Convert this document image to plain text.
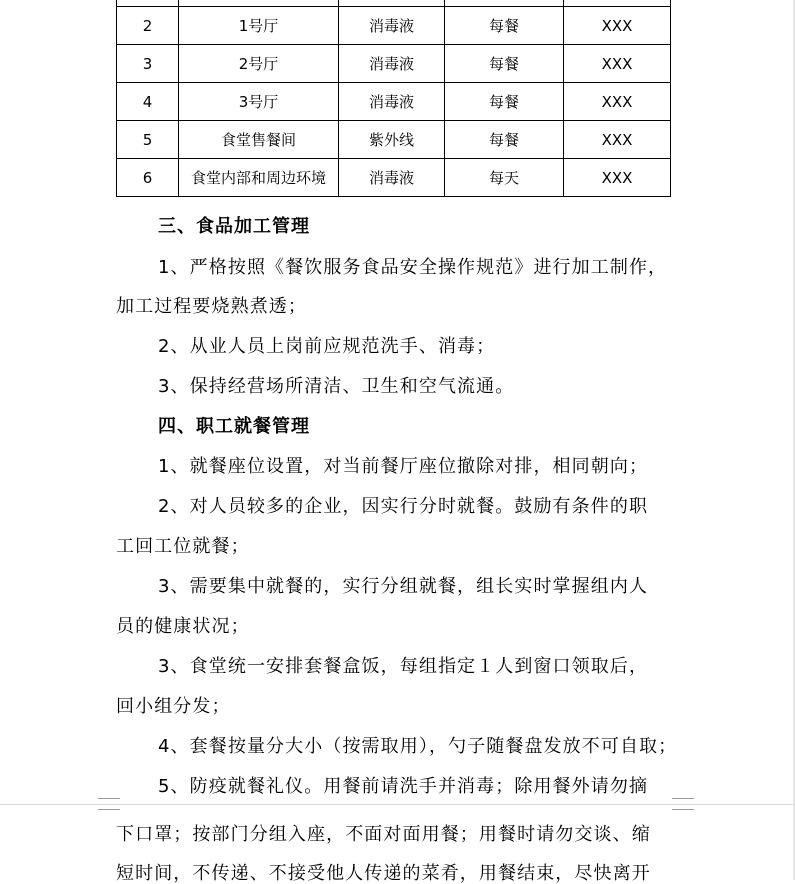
2	1号厅	消毒液	每餐	XXX
3	2号厅	消毒液	每餐	XXX
4	3号厅	消毒液	每餐	XXX
5	食堂售餐间	紫外线	每餐	XXX
6	食堂内部和周边环境	消毒液	每天	XXX

三、食品加工管理

1、严格按照《餐饮服务食品安全操作规范》进行加工制作，

加工过程要烧熟煮透；

2、从业人员上岗前应规范洗手、消毒；

3、保持经营场所清洁、卫生和空气流通。

四、职工就餐管理

1、就餐座位设置，对当前餐厅座位撤除对排，相同朝向；

2、对人员较多的企业，因实行分时就餐。鼓励有条件的职

工回工位就餐；

3、需要集中就餐的，实行分组就餐，组长实时掌握组内人

员的健康状况；

3、食堂统一安排套餐盒饭，每组指定１人到窗口领取后，

回小组分发；

4、套餐按量分大小（按需取用），勺子随餐盘发放不可自取；

5、防疫就餐礼仪。用餐前请洗手并消毒；除用餐外请勿摘

下口罩；按部门分组入座，不面对面用餐；用餐时请勿交谈、缩

短时间，不传递、不接受他人传递的菜肴，用餐结束，尽快离开
